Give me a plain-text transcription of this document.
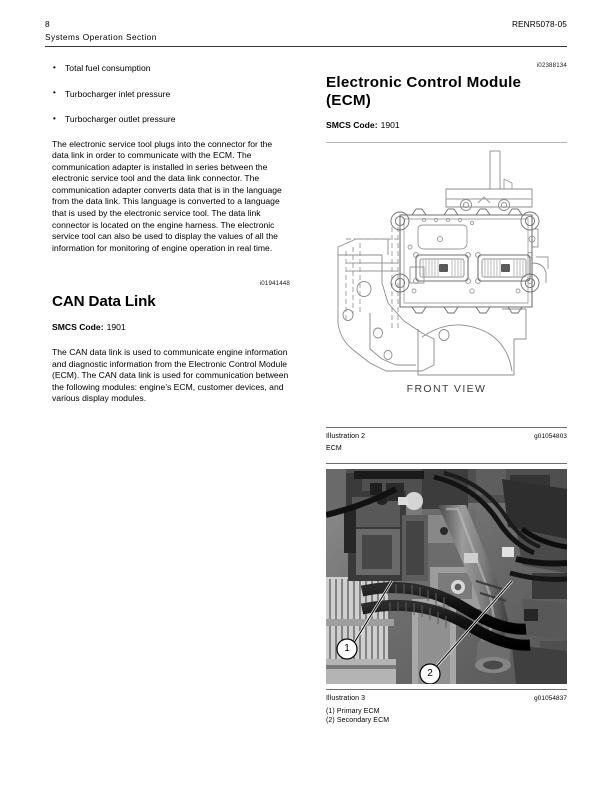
8	RENR5078-05
Systems Operation Section
• Total fuel consumption
• Turbocharger inlet pressure
• Turbocharger outlet pressure

The electronic service tool plugs into the connector for the data link in order to communicate with the ECM. The communication adapter is installed in series between the electronic service tool and the data link connector. The communication adapter converts data that is in the language from the data link. This language is converted to a language that is used by the electronic service tool. The data link connector is located on the engine harness. The electronic service tool can also be used to display the values of all the information for monitoring of engine operation in real time.

i01941448
CAN Data Link
SMCS Code: 1901

The CAN data link is used to communicate engine information and diagnostic information from the Electronic Control Module (ECM). The CAN data link is used for communication between the following modules: engine’s ECM, customer devices, and various display modules.

i02388134
Electronic Control Module (ECM)
SMCS Code: 1901
FRONT VIEW
Illustration 2	g01054803
ECM
1
2
Illustration 3	g01054837
(1) Primary ECM
(2) Secondary ECM
